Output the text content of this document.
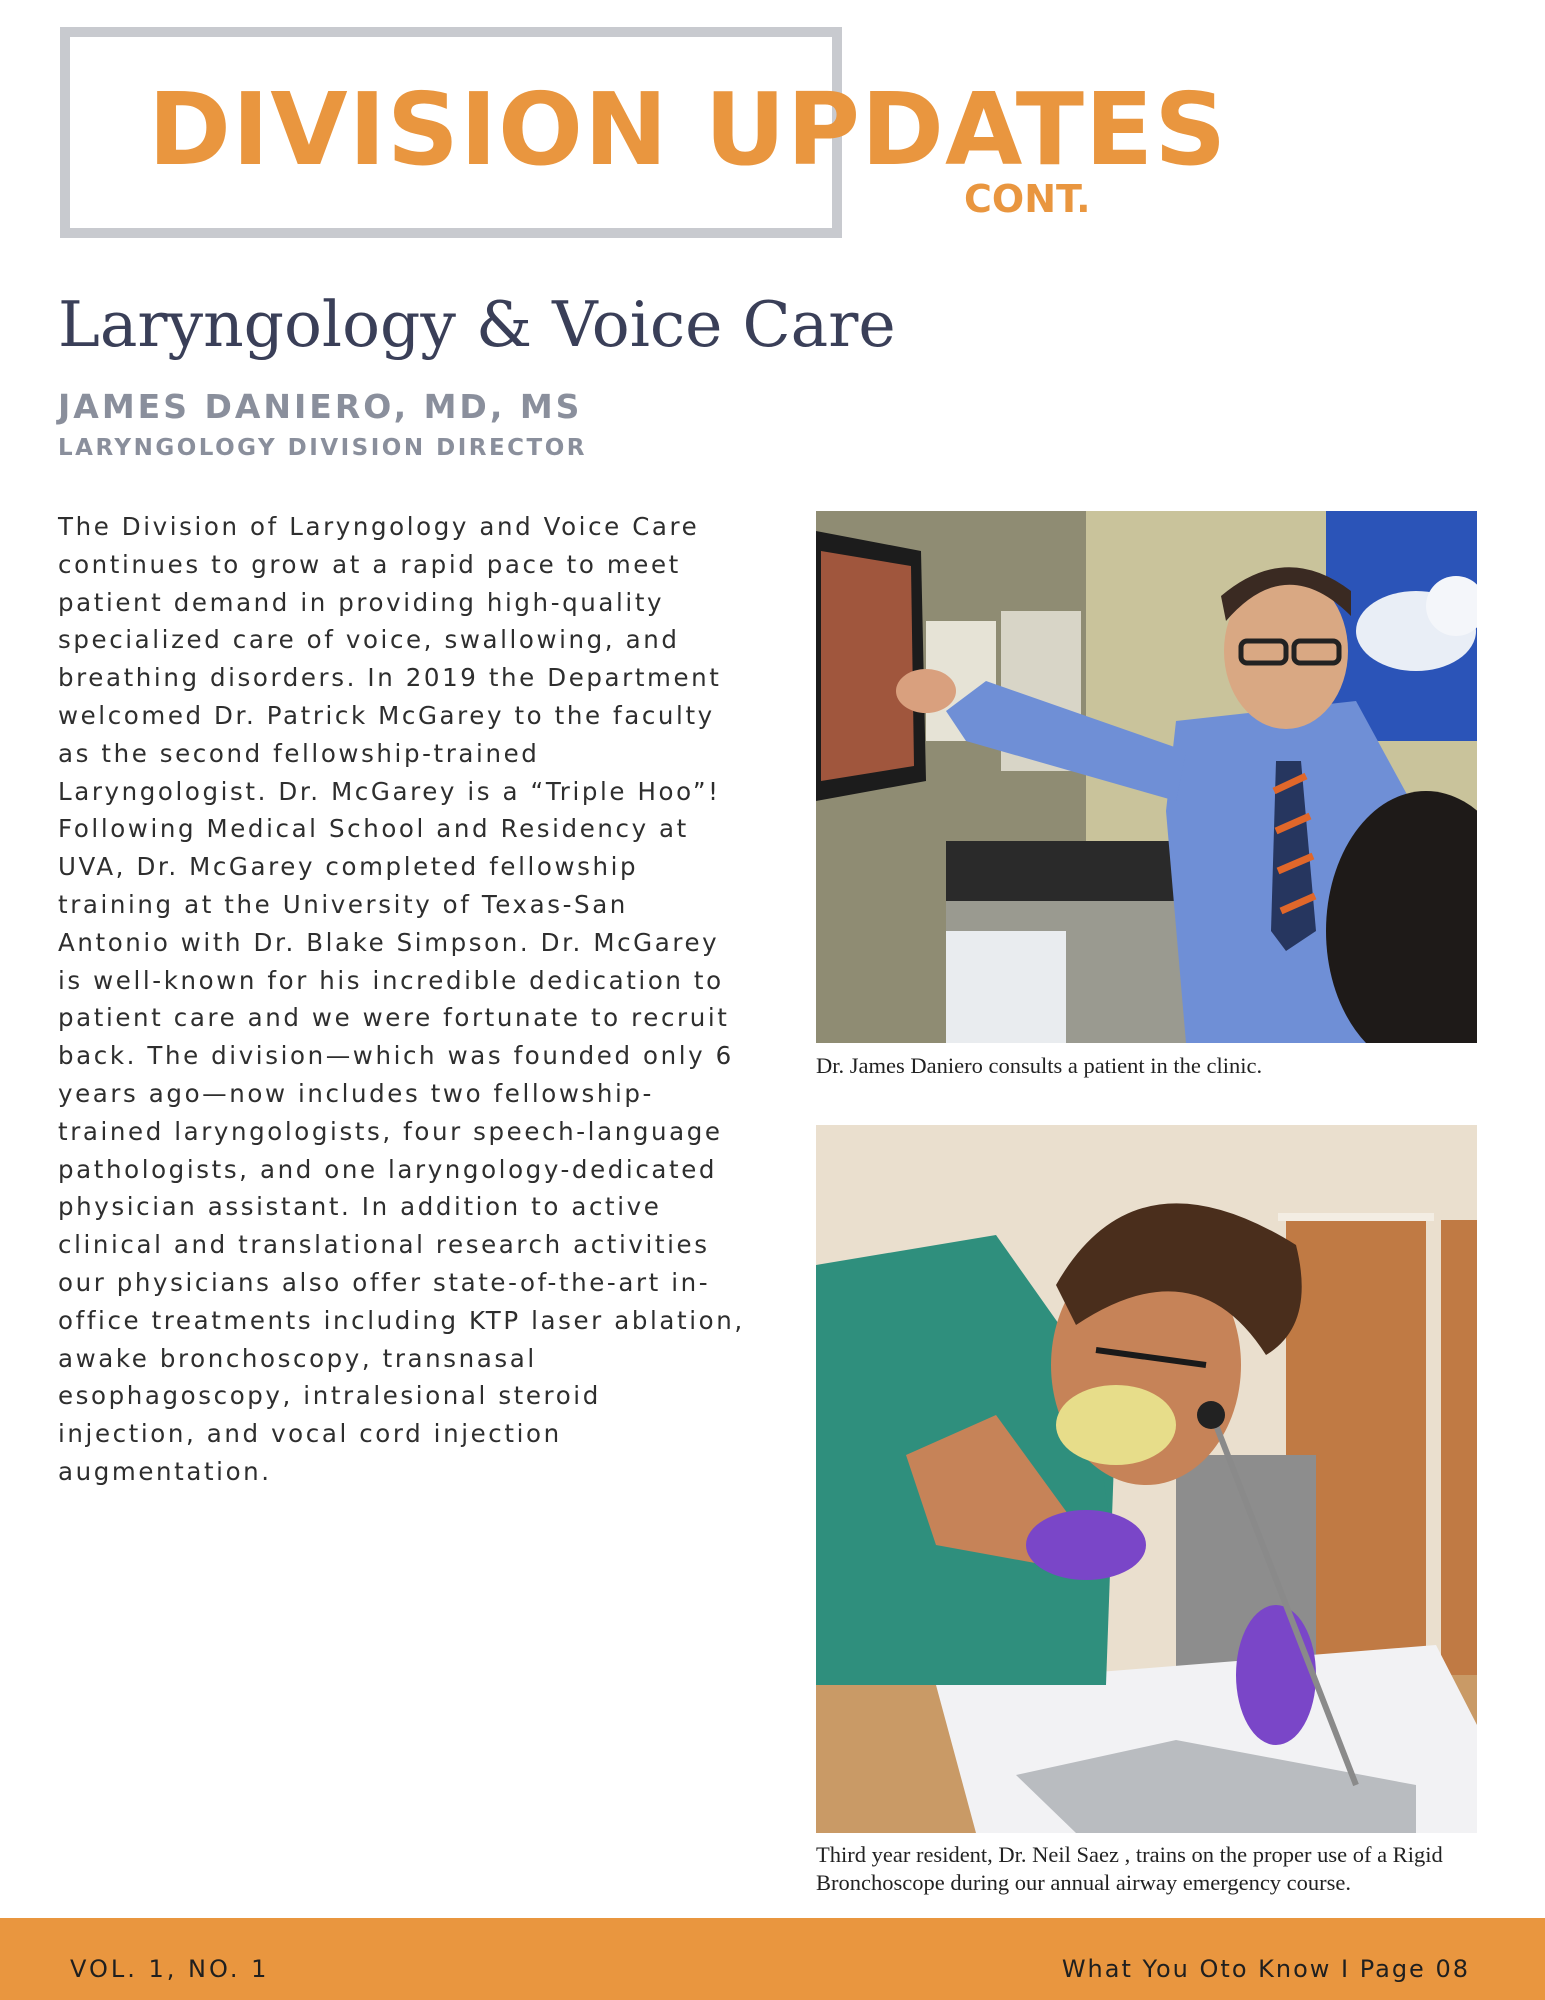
DIVISION UPDATES
CONT.
Laryngology & Voice Care
JAMES DANIERO, MD, MS
LARYNGOLOGY DIVISION DIRECTOR
The Division of Laryngology and Voice Care continues to grow at a rapid pace to meet patient demand in providing high-quality specialized care of voice, swallowing, and breathing disorders. In 2019 the Department welcomed Dr. Patrick McGarey to the faculty as the second fellowship-trained Laryngologist. Dr. McGarey is a “Triple Hoo”! Following Medical School and Residency at UVA, Dr. McGarey completed fellowship training at the University of Texas-San Antonio with Dr. Blake Simpson. Dr. McGarey is well-known for his incredible dedication to patient care and we were fortunate to recruit back. The division—which was founded only 6 years ago—now includes two fellowship-trained laryngologists, four speech-language pathologists, and one laryngology-dedicated physician assistant. In addition to active clinical and translational research activities our physicians also offer state-of-the-art in-office treatments including KTP laser ablation, awake bronchoscopy, transnasal esophagoscopy, intralesional steroid injection, and vocal cord injection augmentation.
Dr. James Daniero consults a patient in the clinic.
Third year resident, Dr. Neil Saez , trains on the proper use of a Rigid Bronchoscope during our annual airway emergency course.
VOL. 1, NO. 1	What You Oto Know I Page 08
